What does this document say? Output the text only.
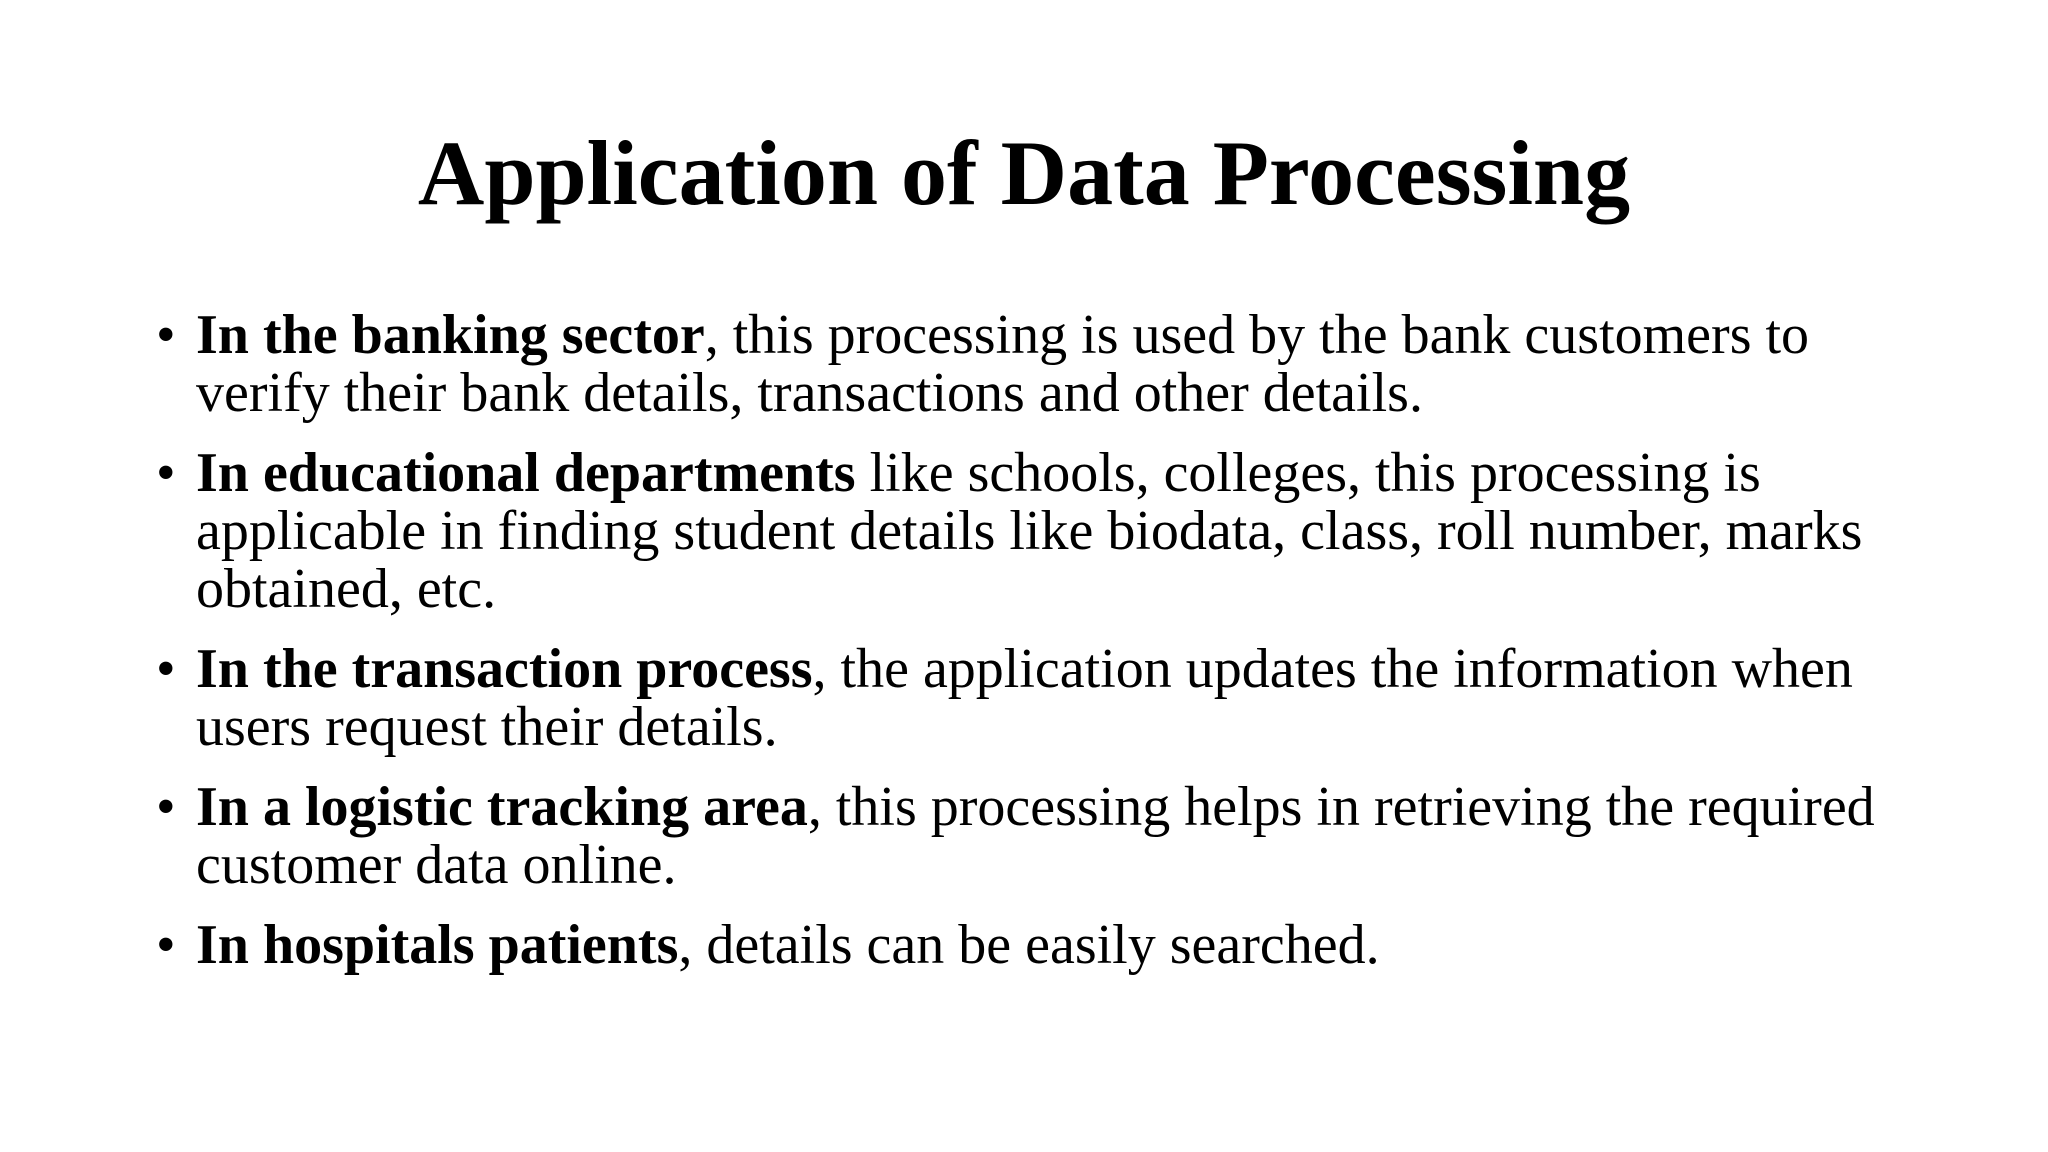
Application of Data Processing
• In the banking sector, this processing is used by the bank customers to verify their bank details, transactions and other details.
• In educational departments like schools, colleges, this processing is applicable in finding student details like biodata, class, roll number, marks obtained, etc.
• In the transaction process, the application updates the information when users request their details.
• In a logistic tracking area, this processing helps in retrieving the required customer data online.
• In hospitals patients, details can be easily searched.
